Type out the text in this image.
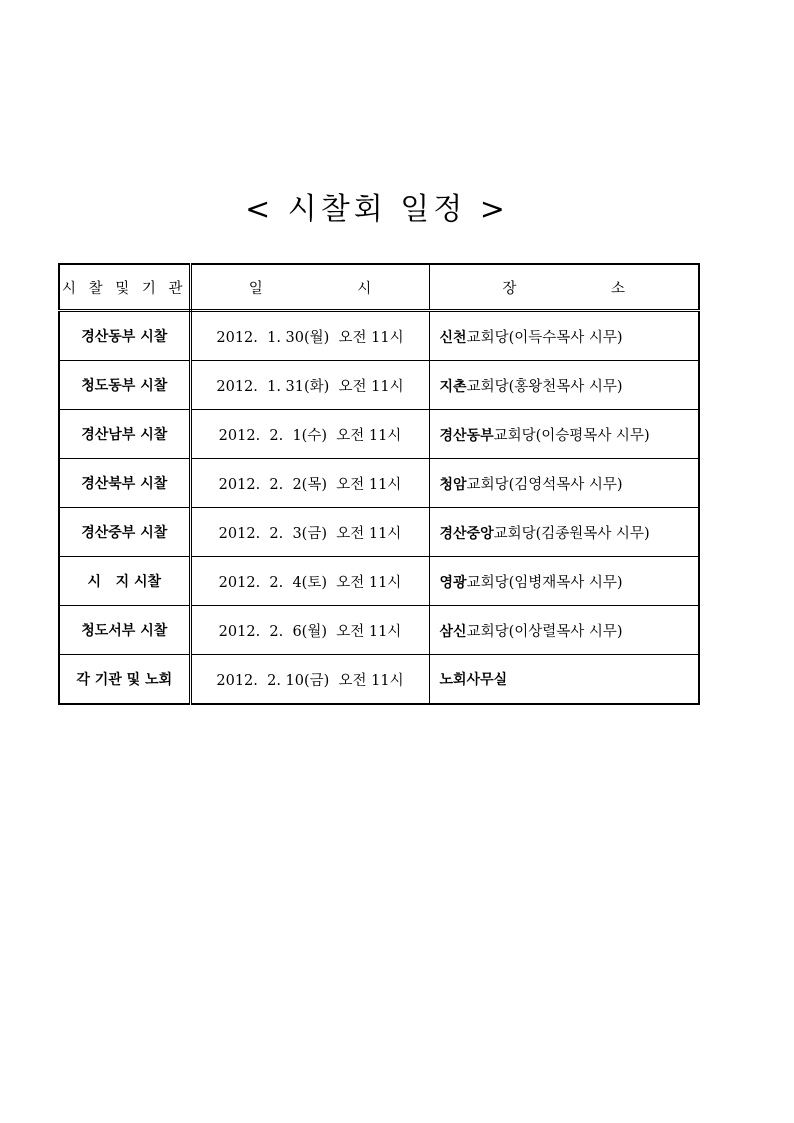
< 시찰회 일정 >
시 찰 및 기 관	일 시	장 소
경산동부 시찰	2012.  1. 30(월)  오전 11시	신천교회당(이득수목사 시무)
청도동부 시찰	2012.  1. 31(화)  오전 11시	지촌교회당(홍왕천목사 시무)
경산남부 시찰	2012.  2.  1(수)  오전 11시	경산동부교회당(이승평목사 시무)
경산북부 시찰	2012.  2.  2(목)  오전 11시	청암교회당(김영석목사 시무)
경산중부 시찰	2012.  2.  3(금)  오전 11시	경산중앙교회당(김종원목사 시무)
시   지 시찰	2012.  2.  4(토)  오전 11시	영광교회당(임병재목사 시무)
청도서부 시찰	2012.  2.  6(월)  오전 11시	삼신교회당(이상렬목사 시무)
각 기관 및 노회	2012.  2. 10(금)  오전 11시	노회사무실
